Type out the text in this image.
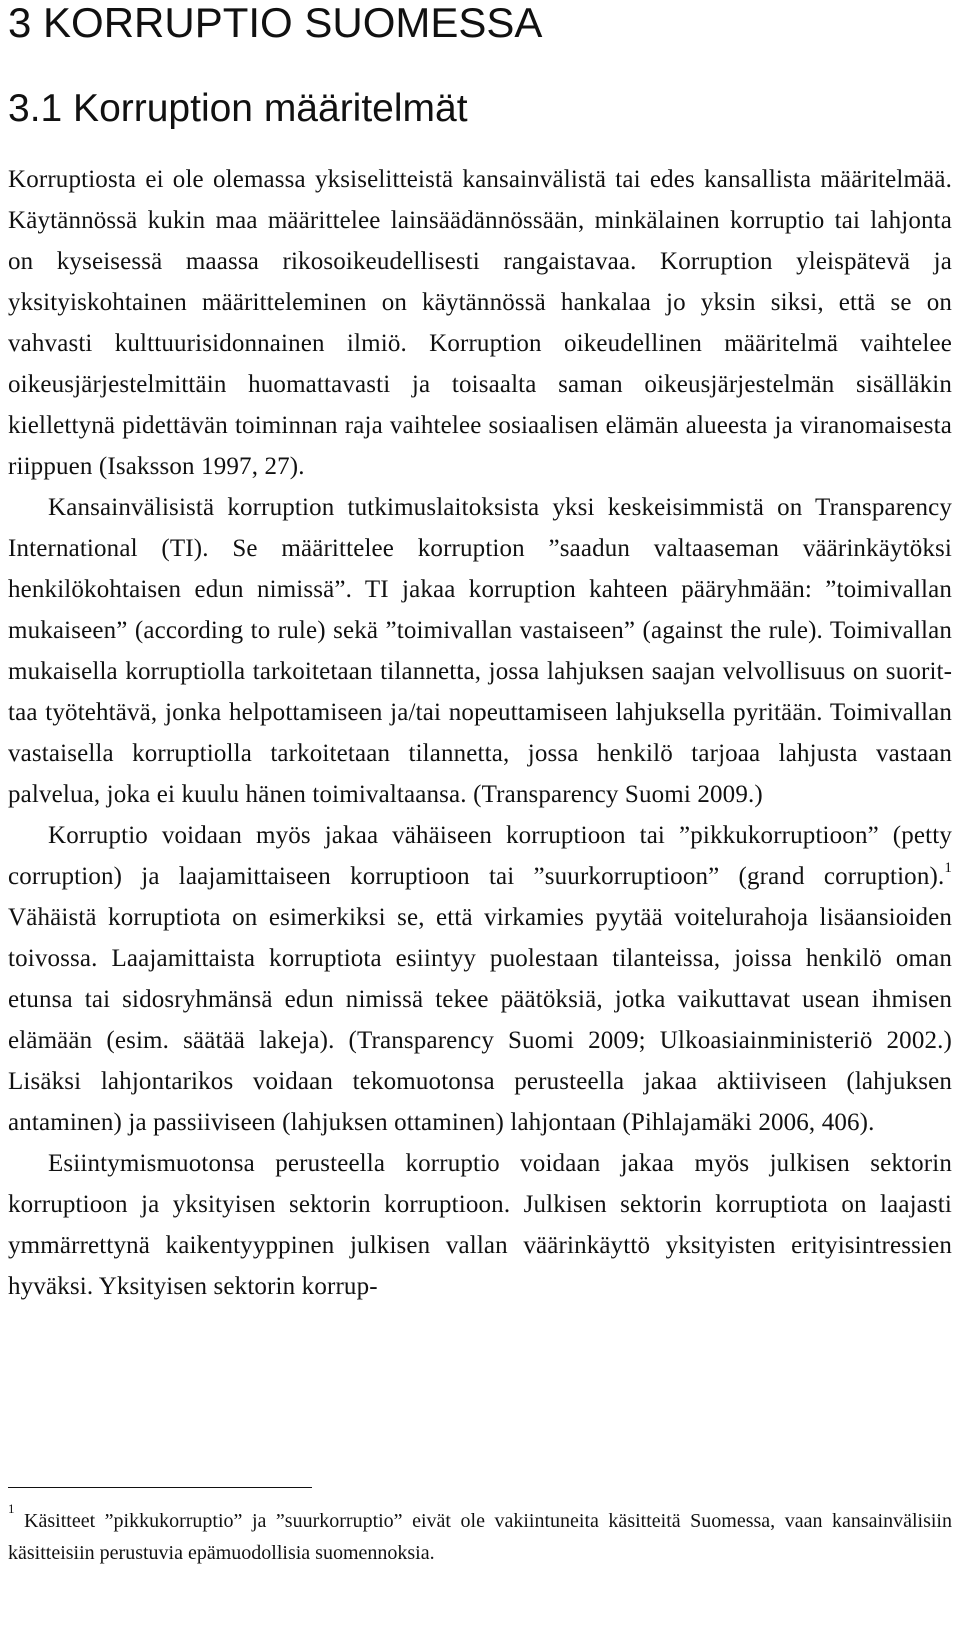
3 KORRUPTIO SUOMESSA
3.1 Korruption määritelmät

Korruptiosta ei ole olemassa yksiselitteistä kansainvälistä tai edes kansallista määritelmää. Käytännössä kukin maa määrittelee lainsäädännössään, minkälainen korruptio tai lahjonta on kyseisessä maassa rikosoikeudellisesti rangaistavaa. Korruption yleispätevä ja yksityiskohtainen määritteleminen on käytännössä hankalaa jo yksin siksi, että se on vahvasti kulttuurisidonnainen ilmiö. Korruption oikeudellinen määritelmä vaihtelee oikeusjärjestelmittäin huomattavasti ja toisaalta saman oikeusjärjestelmän sisälläkin kiellettynä pidettävän toiminnan raja vaihtelee sosiaalisen elämän alueesta ja viranomaisesta riippuen (Isaksson 1997, 27).

Kansainvälisistä korruption tutkimuslaitoksista yksi keskeisimmistä on Transparency International (TI). Se määrittelee korruption ”saadun valtaaseman väärinkäytöksi henkilökohtaisen edun nimissä”. TI jakaa korruption kahteen pääryhmään: ”toimivallan mukaiseen” (according to rule) sekä ”toimivallan vastaiseen” (against the rule). Toimivallan mukaisella korruptiolla tarkoitetaan tilannetta, jossa lahjuksen saajan velvollisuus on suorittaa työtehtävä, jonka helpottamiseen ja/tai nopeuttamiseen lahjuksella pyritään. Toimivallan vastaisella korruptiolla tarkoitetaan tilannetta, jossa henkilö tarjoaa lahjusta vastaan palvelua, joka ei kuulu hänen toimivaltaansa. (Transparency Suomi 2009.)

Korruptio voidaan myös jakaa vähäiseen korruptioon tai ”pikkukorruptioon” (petty corruption) ja laajamittaiseen korruptioon tai ”suurkorruptioon” (grand corruption).$^1$ Vähäistä korruptiota on esimerkiksi se, että virkamies pyytää voitelurahoja lisäansioiden toivossa. Laajamittaista korruptiota esiintyy puolestaan tilanteissa, joissa henkilö oman etunsa tai sidosryhmänsä edun nimissä tekee päätöksiä, jotka vaikuttavat usean ihmisen elämään (esim. säätää lakeja). (Transparency Suomi 2009; Ulkoasiainministeriö 2002.) Lisäksi lahjontarikos voidaan tekomuotonsa perusteella jakaa aktiiviseen (lahjuksen antaminen) ja passiiviseen (lahjuksen ottaminen) lahjontaan (Pihlajamäki 2006, 406).

Esiintymismuotonsa perusteella korruptio voidaan jakaa myös julkisen sektorin korruptioon ja yksityisen sektorin korruptioon. Julkisen sektorin korruptiota on laajasti ymmärrettynä kaikentyyppinen julkisen vallan väärinkäyttö yksityisten erityisintressien hyväksi. Yksityisen sektorin korrup-

$^1$ Käsitteet ”pikkukorruptio” ja ”suurkorruptio” eivät ole vakiintuneita käsitteitä Suomessa, vaan kansainvälisiin käsitteisiin perustuvia epämuodollisia suomennoksia.
